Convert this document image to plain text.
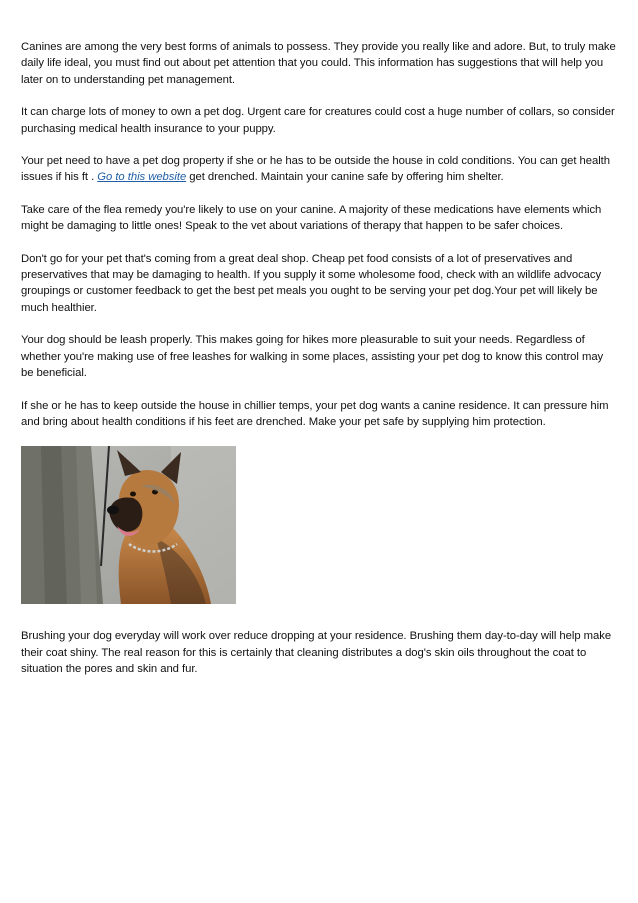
Canines are among the very best forms of animals to possess. They provide you really like and adore. But, to truly make daily life ideal, you must find out about pet attention that you could. This information has suggestions that will help you later on to understanding pet management.

It can charge lots of money to own a pet dog. Urgent care for creatures could cost a huge number of collars, so consider purchasing medical health insurance to your puppy.

Your pet need to have a pet dog property if she or he has to be outside the house in cold conditions. You can get health issues if his ft . Go to this website get drenched. Maintain your canine safe by offering him shelter.

Take care of the flea remedy you're likely to use on your canine. A majority of these medications have elements which might be damaging to little ones! Speak to the vet about variations of therapy that happen to be safer choices.

Don't go for your pet that's coming from a great deal shop. Cheap pet food consists of a lot of preservatives and preservatives that may be damaging to health. If you supply it some wholesome food, check with an wildlife advocacy groupings or customer feedback to get the best pet meals you ought to be serving your pet dog.Your pet will likely be much healthier.

Your dog should be leash properly. This makes going for hikes more pleasurable to suit your needs. Regardless of whether you're making use of free leashes for walking in some places, assisting your pet dog to know this control may be beneficial.

If she or he has to keep outside the house in chillier temps, your pet dog wants a canine residence. It can pressure him and bring about health conditions if his feet are drenched. Make your pet safe by supplying him protection.

Brushing your dog everyday will work over reduce dropping at your residence. Brushing them day-to-day will help make their coat shiny. The real reason for this is certainly that cleaning distributes a dog's skin oils throughout the coat to situation the pores and skin and fur.
